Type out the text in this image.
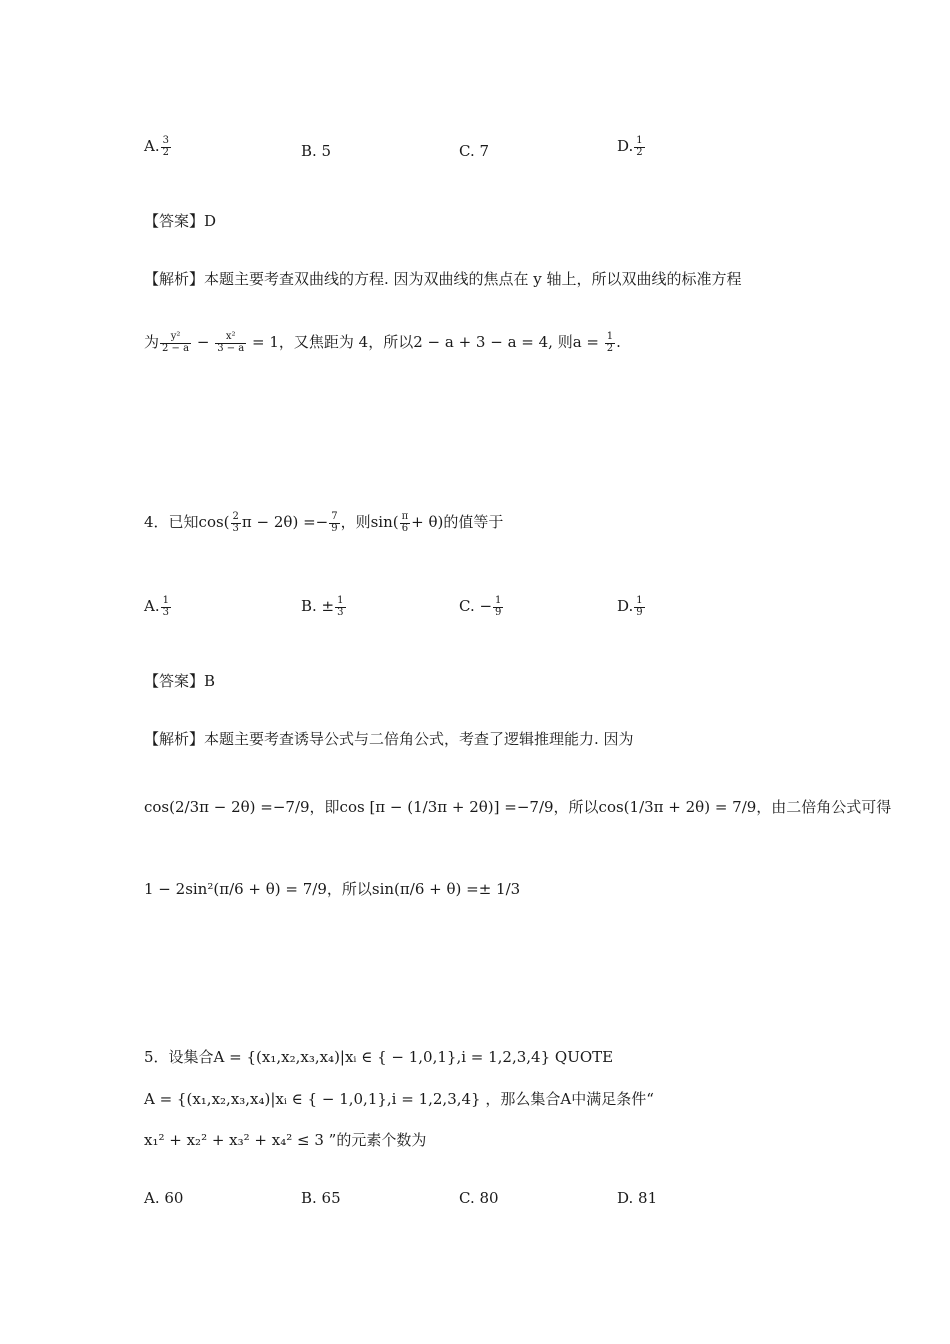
A. $\frac{3}{2}$	B. 5	C. 7	D. $\frac{1}{2}$
【答案】D
【解析】本题主要考查双曲线的方程. 因为双曲线的焦点在 y 轴上，所以双曲线的标准方程
为 $\frac{\text{y²}}{2 - a} - \frac{\text{x²}}{3 - a} = 1$，又焦距为 4，所以2 − a + 3 − a = 4, 则$a = \frac{1}{2}$ .
4．已知$\cos( \frac{2}{3}$ $\pi - 2\theta) =- \frac{7}{9}$ ，则$\sin( \frac{\pi}{6} + \theta)$的值等于
A. $\frac{1}{3}$	B. ± $\frac{1}{3}$	C. − $\frac{1}{9}$	D. $\frac{1}{9}$
【答案】B
【解析】本题主要考查诱导公式与二倍角公式，考查了逻辑推理能力. 因为
cos(2/3π − 2θ) =−7/9，即cos [π − (1/3π + 2θ)] =−7/9，所以cos(1/3π + 2θ) = 7/9，由二倍角公式可得
1 − 2sin²(π/6 + θ) = 7/9，所以sin(π/6 + θ) =± 1/3
5．设集合A = {(x₁,x₂,x₃,x₄)|xᵢ ∈ { − 1,0,1},i = 1,2,3,4} QUOTE
A = {(x₁,x₂,x₃,x₄)|xᵢ ∈ { − 1,0,1},i = 1,2,3,4} ，那么集合A中满足条件“
x₁² + x₂² + x₃² + x₄² ≤ 3 ”的元素个数为
A. 60	B. 65	C. 80	D. 81
